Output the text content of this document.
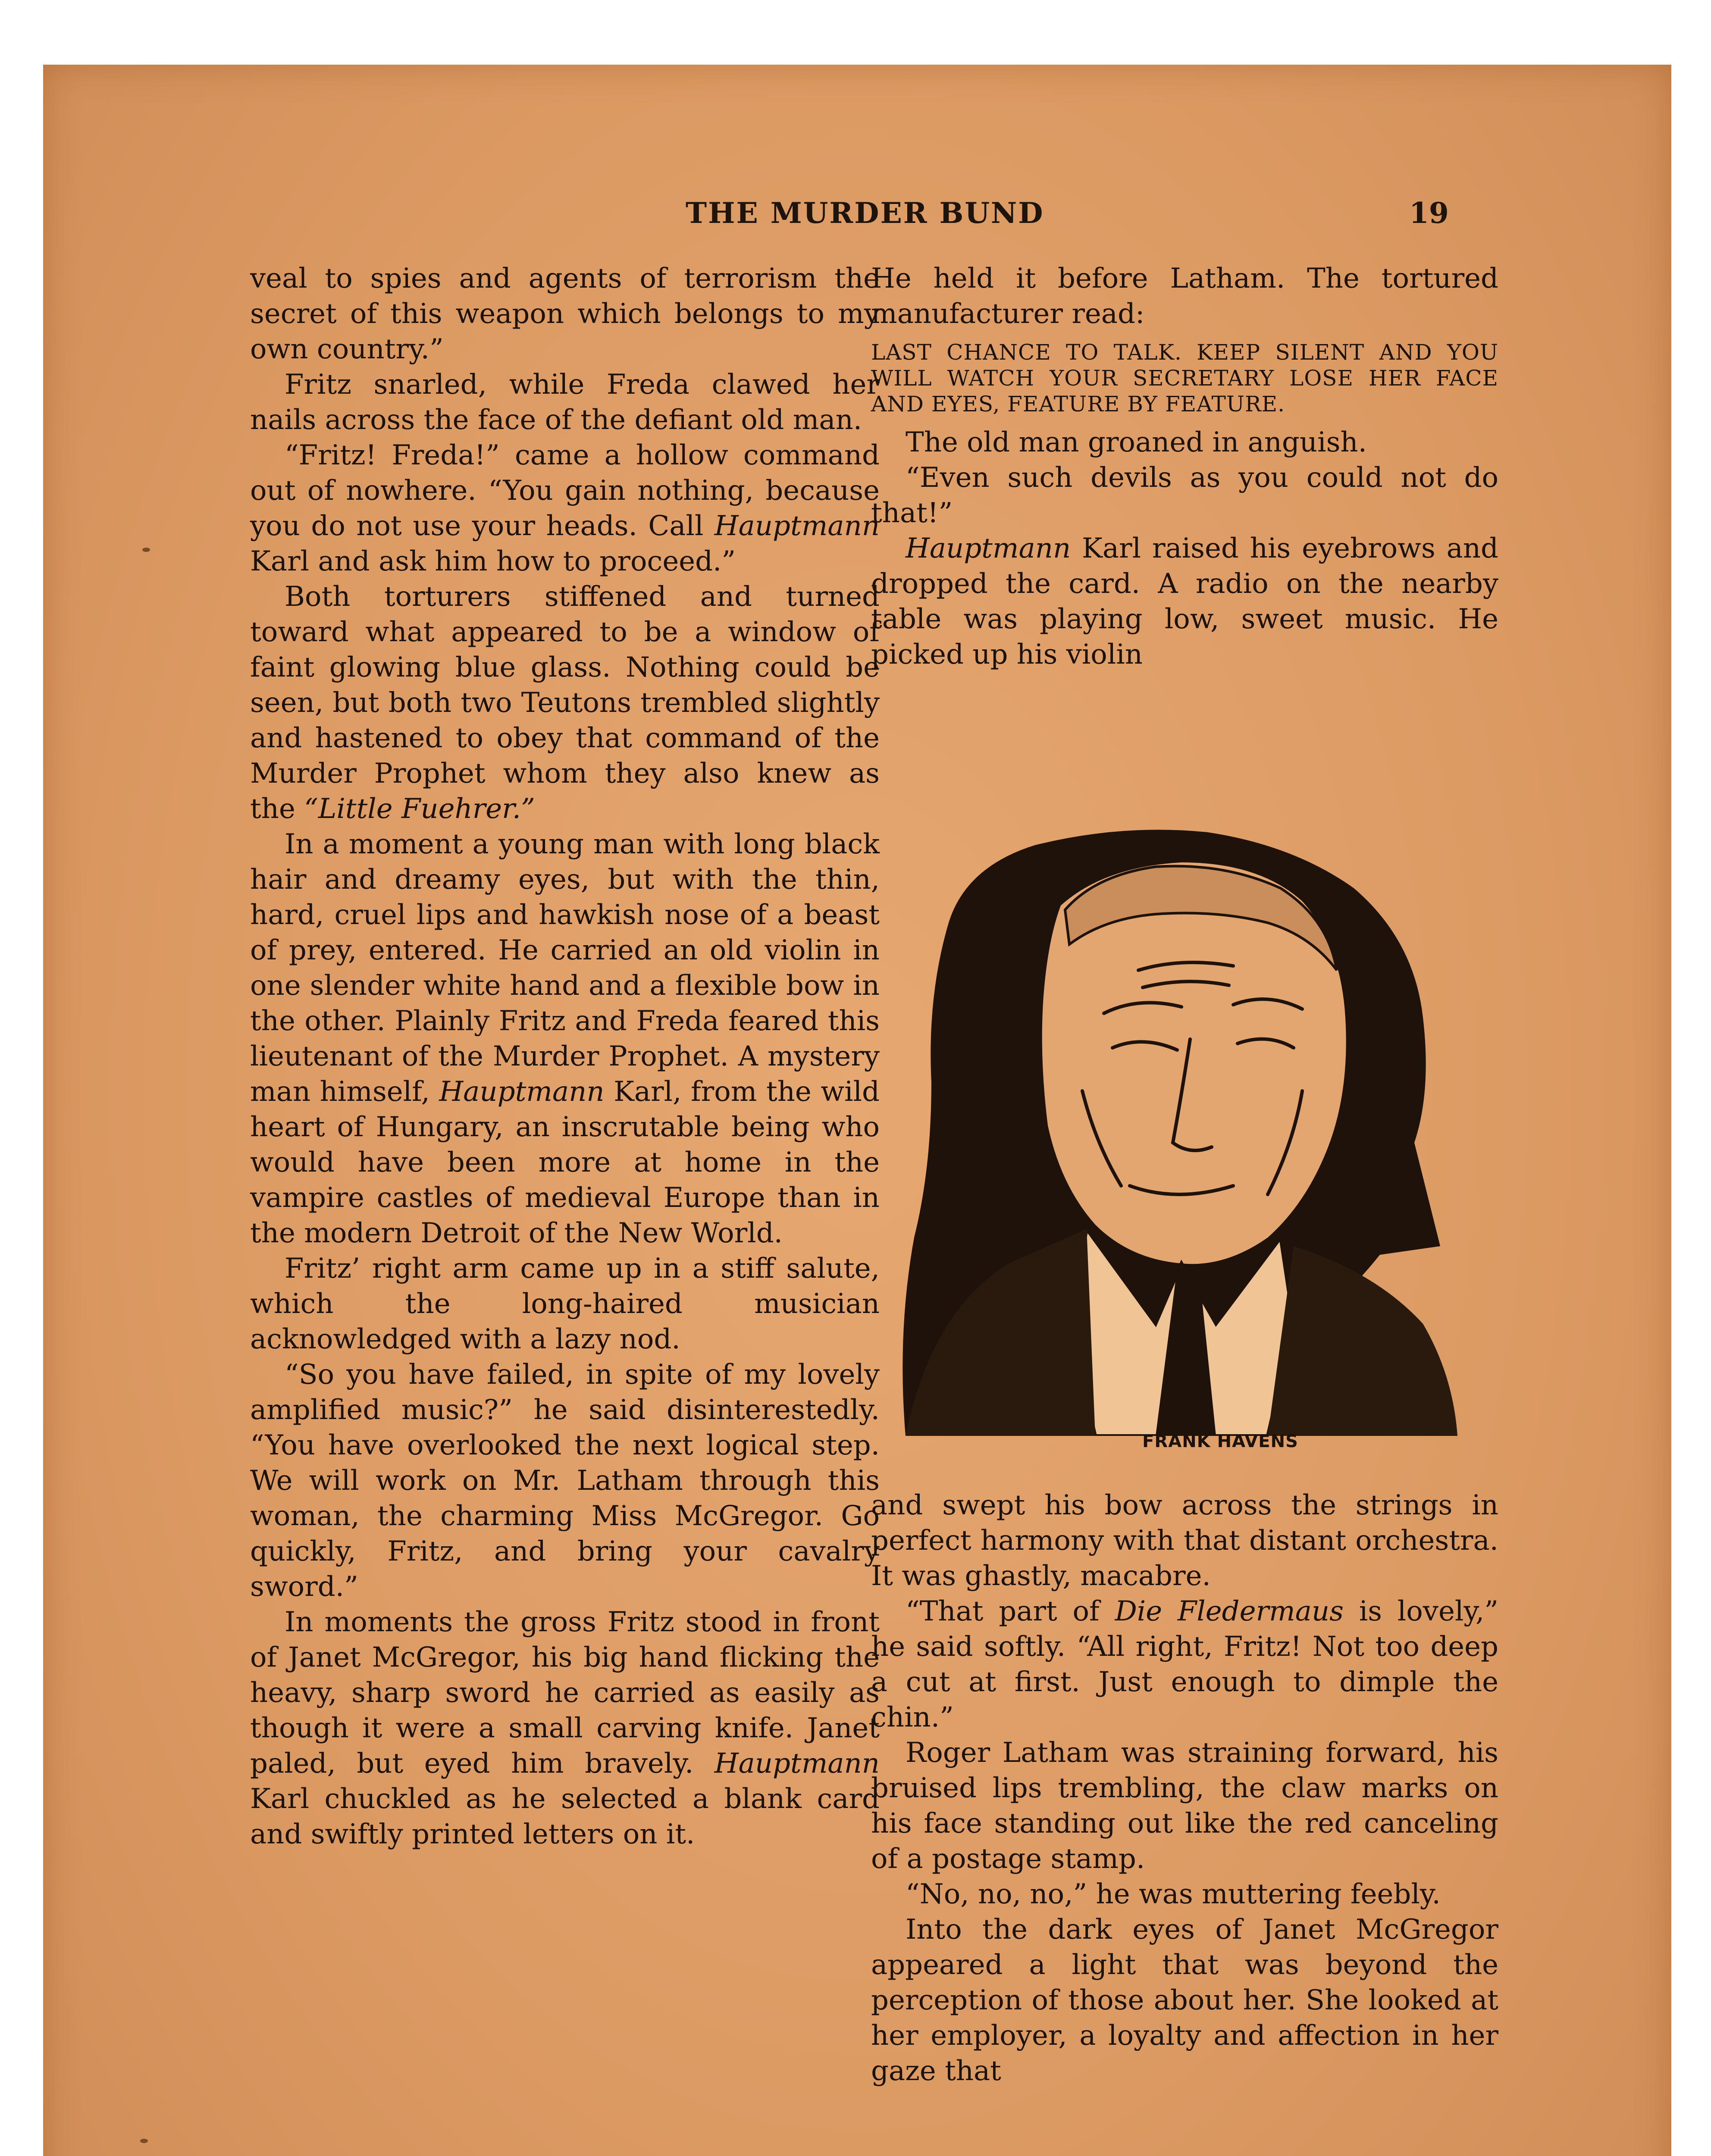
THE MURDER BUND	19

veal to spies and agents of terrorism the secret of this weapon which belongs to my own country.”

Fritz snarled, while Freda clawed her nails across the face of the defiant old man.

“Fritz! Freda!” came a hollow command out of nowhere. “You gain nothing, because you do not use your heads. Call Hauptmann Karl and ask him how to proceed.”

Both torturers stiffened and turned toward what appeared to be a window of faint glowing blue glass. Nothing could be seen, but both two Teutons trembled slightly and hastened to obey that command of the Murder Prophet whom they also knew as the “Little Fuehrer.”

In a moment a young man with long black hair and dreamy eyes, but with the thin, hard, cruel lips and hawkish nose of a beast of prey, entered. He carried an old violin in one slender white hand and a flexible bow in the other. Plainly Fritz and Freda feared this lieutenant of the Murder Prophet. A mystery man himself, Hauptmann Karl, from the wild heart of Hungary, an inscrutable being who would have been more at home in the vampire castles of medieval Europe than in the modern Detroit of the New World.

Fritz’ right arm came up in a stiff salute, which the long-haired musician acknowledged with a lazy nod.

“So you have failed, in spite of my lovely amplified music?” he said disinterestedly. “You have overlooked the next logical step. We will work on Mr. Latham through this woman, the charming Miss McGregor. Go quickly, Fritz, and bring your cavalry sword.”

In moments the gross Fritz stood in front of Janet McGregor, his big hand flicking the heavy, sharp sword he carried as easily as though it were a small carving knife. Janet paled, but eyed him bravely. Hauptmann Karl chuckled as he selected a blank card and swiftly printed letters on it.

He held it before Latham. The tortured manufacturer read:

LAST CHANCE TO TALK. KEEP SILENT AND YOU WILL WATCH YOUR SECRETARY LOSE HER FACE AND EYES, FEATURE BY FEATURE.

The old man groaned in anguish.

“Even such devils as you could not do that!”

Hauptmann Karl raised his eyebrows and dropped the card. A radio on the nearby table was playing low, sweet music. He picked up his violin

FRANK HAVENS

and swept his bow across the strings in perfect harmony with that distant orchestra. It was ghastly, macabre.

“That part of Die Fledermaus is lovely,” he said softly. “All right, Fritz! Not too deep a cut at first. Just enough to dimple the chin.”

Roger Latham was straining forward, his bruised lips trembling, the claw marks on his face standing out like the red canceling of a postage stamp.

“No, no, no,” he was muttering feebly.

Into the dark eyes of Janet McGregor appeared a light that was beyond the perception of those about her. She looked at her employer, a loyalty and affection in her gaze that
